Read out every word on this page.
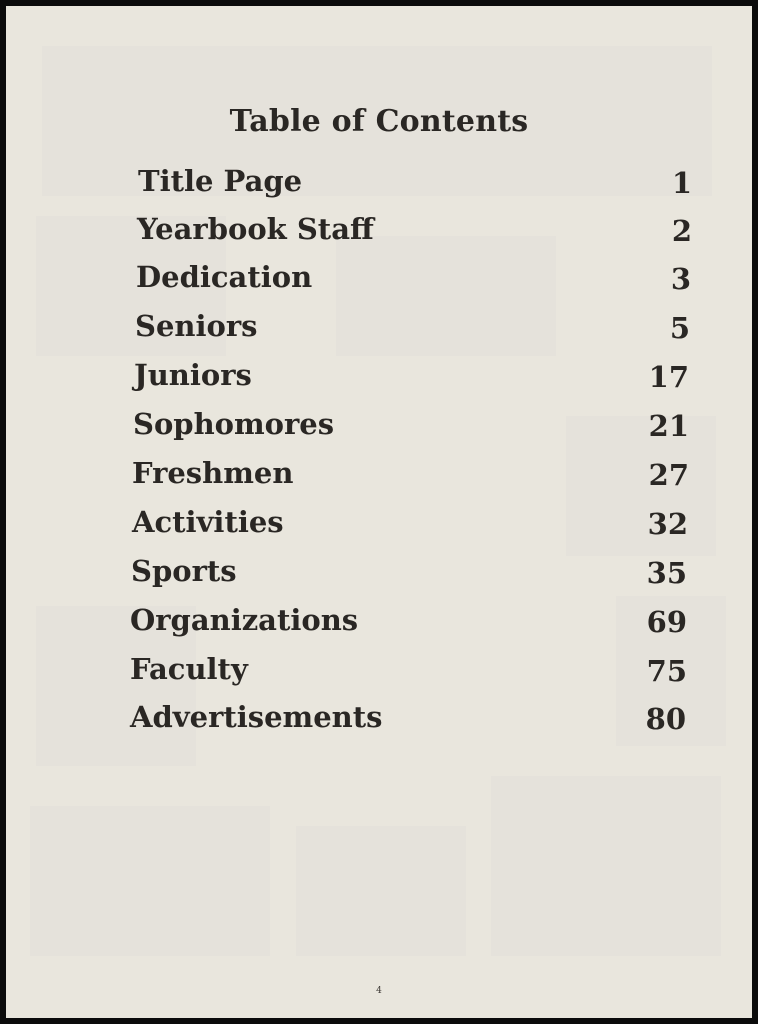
Table of Contents
Title Page	1
Yearbook Staff	2
Dedication	3
Seniors	5
Juniors	17
Sophomores	21
Freshmen	27
Activities	32
Sports	35
Organizations	69
Faculty	75
Advertisements	80
4
